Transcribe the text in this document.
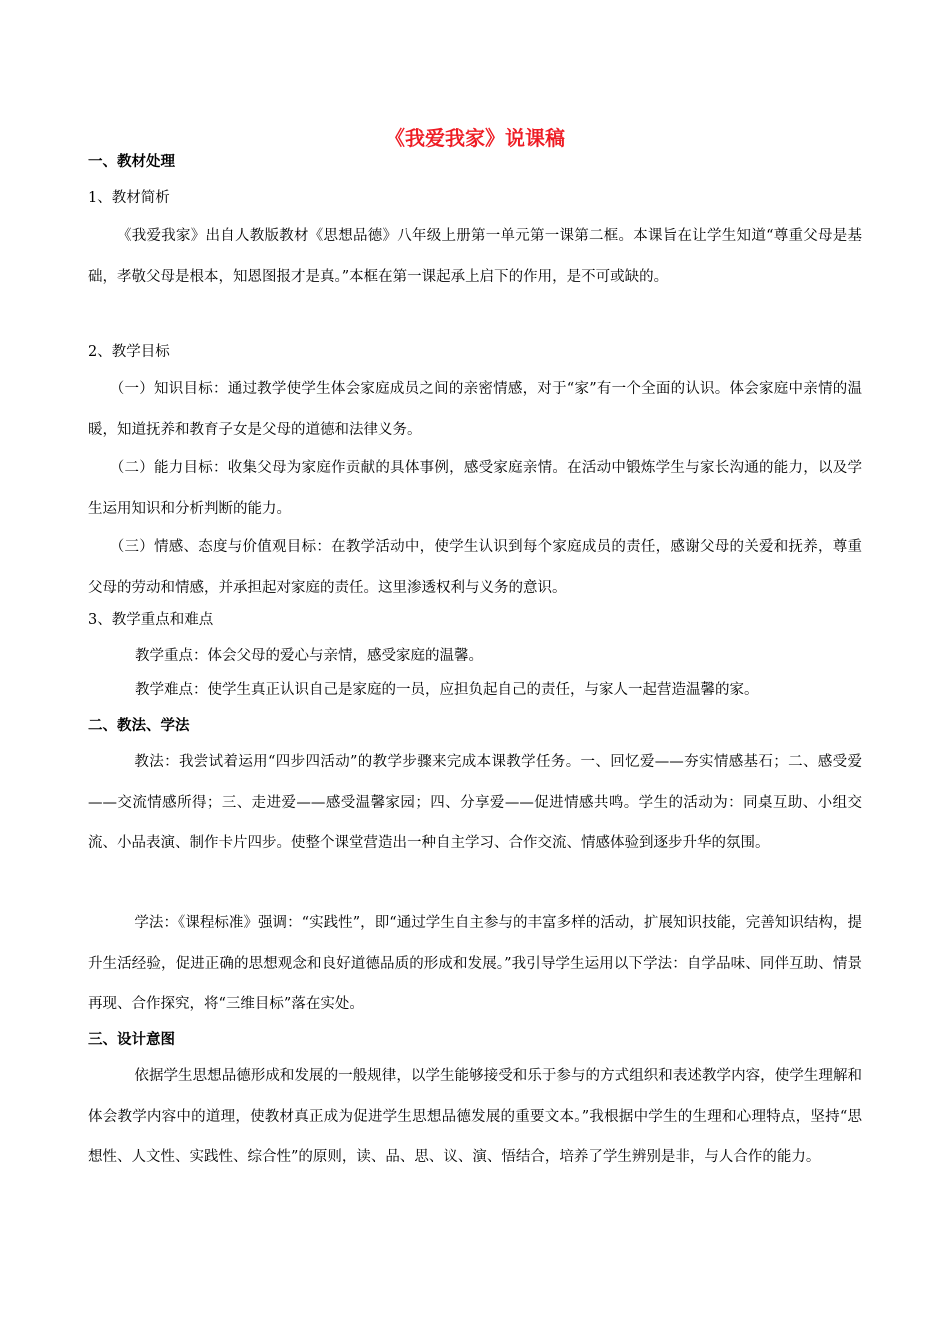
《我爱我家》说课稿
一、教材处理
1、教材简析

《我爱我家》出自人教版教材《思想品德》八年级上册第一单元第一课第二框。本课旨在让学生知道“尊重父母是基础，孝敬父母是根本，知恩图报才是真。”本框在第一课起承上启下的作用，是不可或缺的。

2、教学目标

（一）知识目标：通过教学使学生体会家庭成员之间的亲密情感，对于“家”有一个全面的认识。体会家庭中亲情的温暖，知道抚养和教育子女是父母的道德和法律义务。

（二）能力目标：收集父母为家庭作贡献的具体事例，感受家庭亲情。在活动中锻炼学生与家长沟通的能力，以及学生运用知识和分析判断的能力。

（三）情感、态度与价值观目标：在教学活动中，使学生认识到每个家庭成员的责任，感谢父母的关爱和抚养，尊重父母的劳动和情感，并承担起对家庭的责任。这里渗透权利与义务的意识。

3、教学重点和难点
教学重点：体会父母的爱心与亲情，感受家庭的温馨。
教学难点：使学生真正认识自己是家庭的一员，应担负起自己的责任，与家人一起营造温馨的家。
二、教法、学法

教法：我尝试着运用“四步四活动”的教学步骤来完成本课教学任务。一、回忆爱——夯实情感基石；二、感受爱——交流情感所得；三、走进爱——感受温馨家园；四、分享爱——促进情感共鸣。学生的活动为：同桌互助、小组交流、小品表演、制作卡片四步。使整个课堂营造出一种自主学习、合作交流、情感体验到逐步升华的氛围。

学法：《课程标准》强调：“实践性”，即“通过学生自主参与的丰富多样的活动，扩展知识技能，完善知识结构，提升生活经验，促进正确的思想观念和良好道德品质的形成和发展。”我引导学生运用以下学法：自学品味、同伴互助、情景再现、合作探究，将“三维目标”落在实处。

三、设计意图

依据学生思想品德形成和发展的一般规律，以学生能够接受和乐于参与的方式组织和表述教学内容，使学生理解和体会教学内容中的道理，使教材真正成为促进学生思想品德发展的重要文本。”我根据中学生的生理和心理特点，坚持“思想性、人文性、实践性、综合性”的原则，读、品、思、议、演、悟结合，培养了学生辨别是非，与人合作的能力。
